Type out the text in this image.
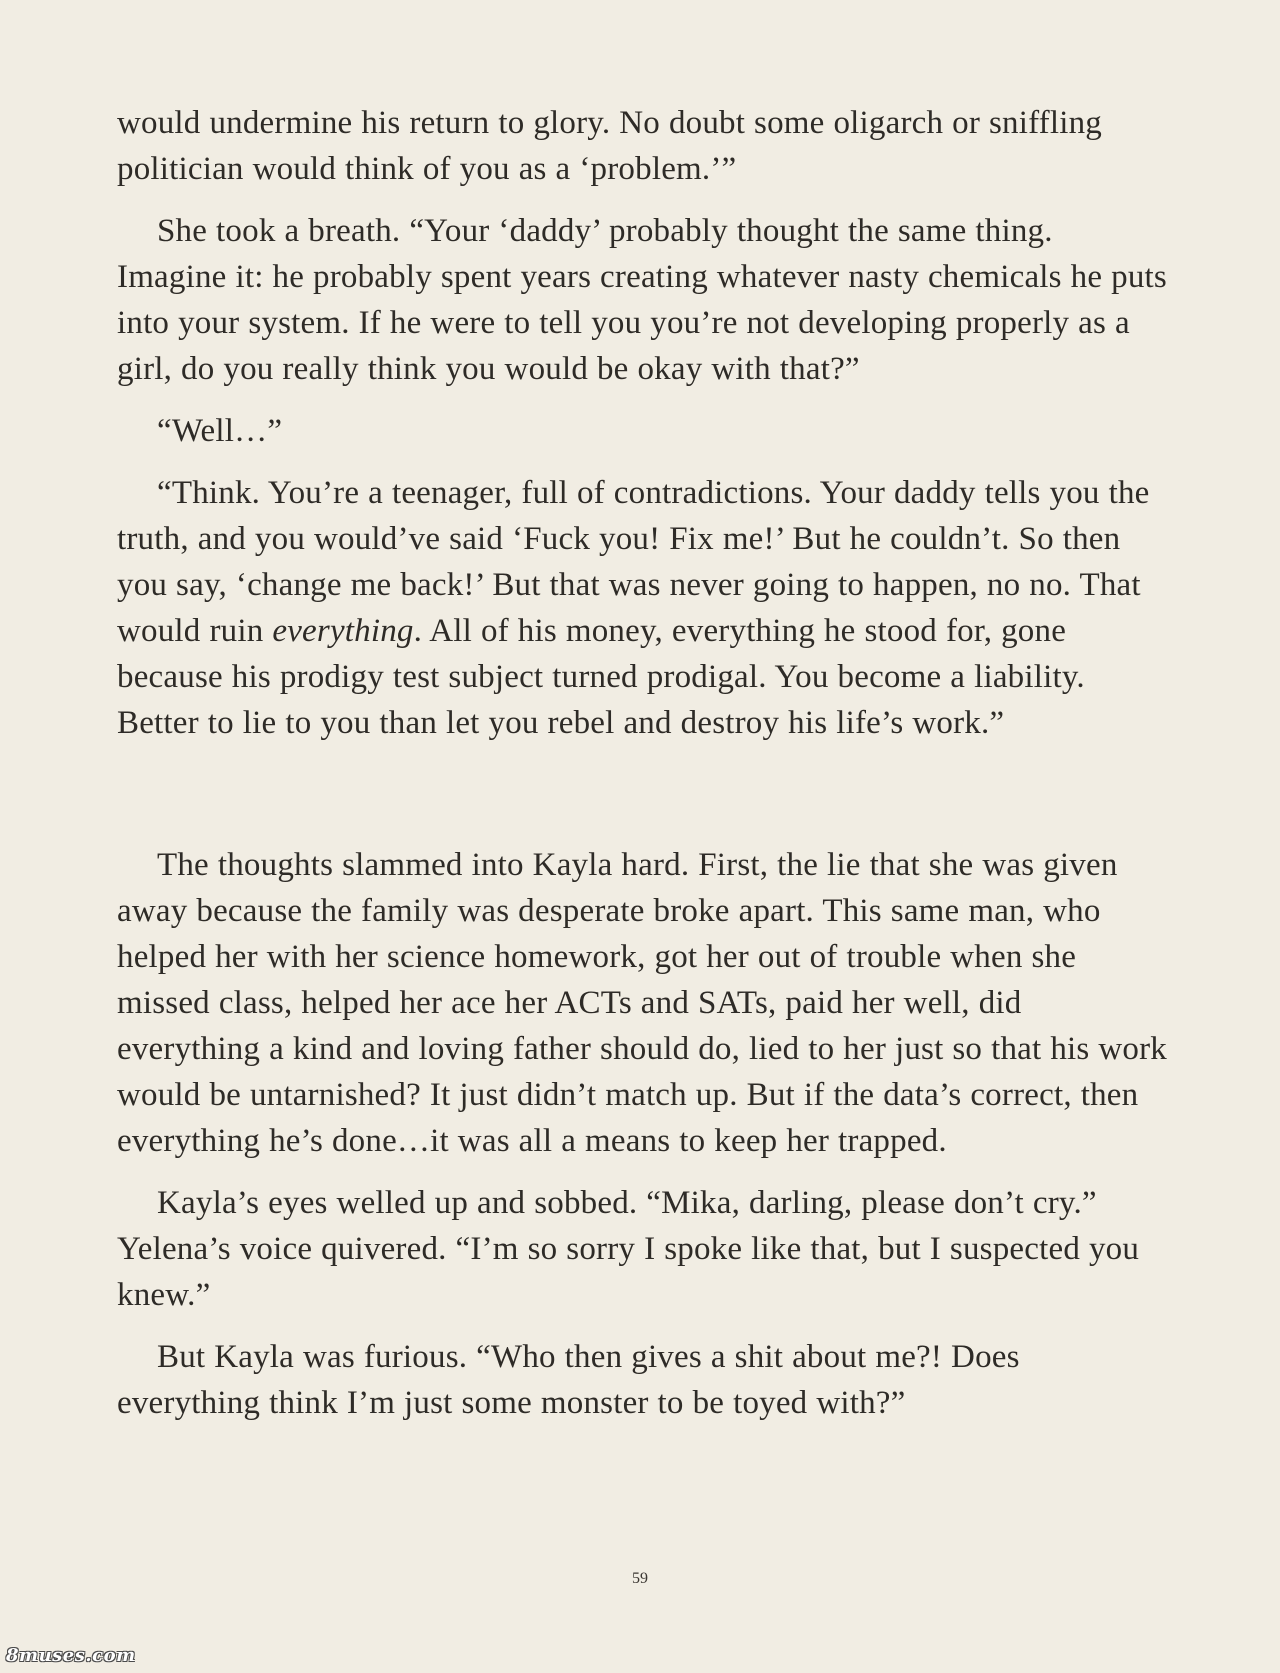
would undermine his return to glory. No doubt some oligarch or sniffling politician would think of you as a ‘problem.’”

She took a breath. “Your ‘daddy’ probably thought the same thing. Imagine it: he probably spent years creating whatever nasty chemicals he puts into your system. If he were to tell you you’re not developing properly as a girl, do you really think you would be okay with that?”

“Well…”

“Think. You’re a teenager, full of contradictions. Your daddy tells you the truth, and you would’ve said ‘Fuck you! Fix me!’ But he couldn’t. So then you say, ‘change me back!’ But that was never going to happen, no no. That would ruin everything. All of his money, everything he stood for, gone because his prodigy test subject turned prodigal. You become a liability. Better to lie to you than let you rebel and destroy his life’s work.”

The thoughts slammed into Kayla hard. First, the lie that she was given away because the family was desperate broke apart. This same man, who helped her with her science homework, got her out of trouble when she missed class, helped her ace her ACTs and SATs, paid her well, did everything a kind and loving father should do, lied to her just so that his work would be untarnished? It just didn’t match up. But if the data’s correct, then everything he’s done…it was all a means to keep her trapped.

Kayla’s eyes welled up and sobbed. “Mika, darling, please don’t cry.” Yelena’s voice quivered. “I’m so sorry I spoke like that, but I suspected you knew.”

But Kayla was furious. “Who then gives a shit about me?! Does everything think I’m just some monster to be toyed with?”

59
8muses.com
